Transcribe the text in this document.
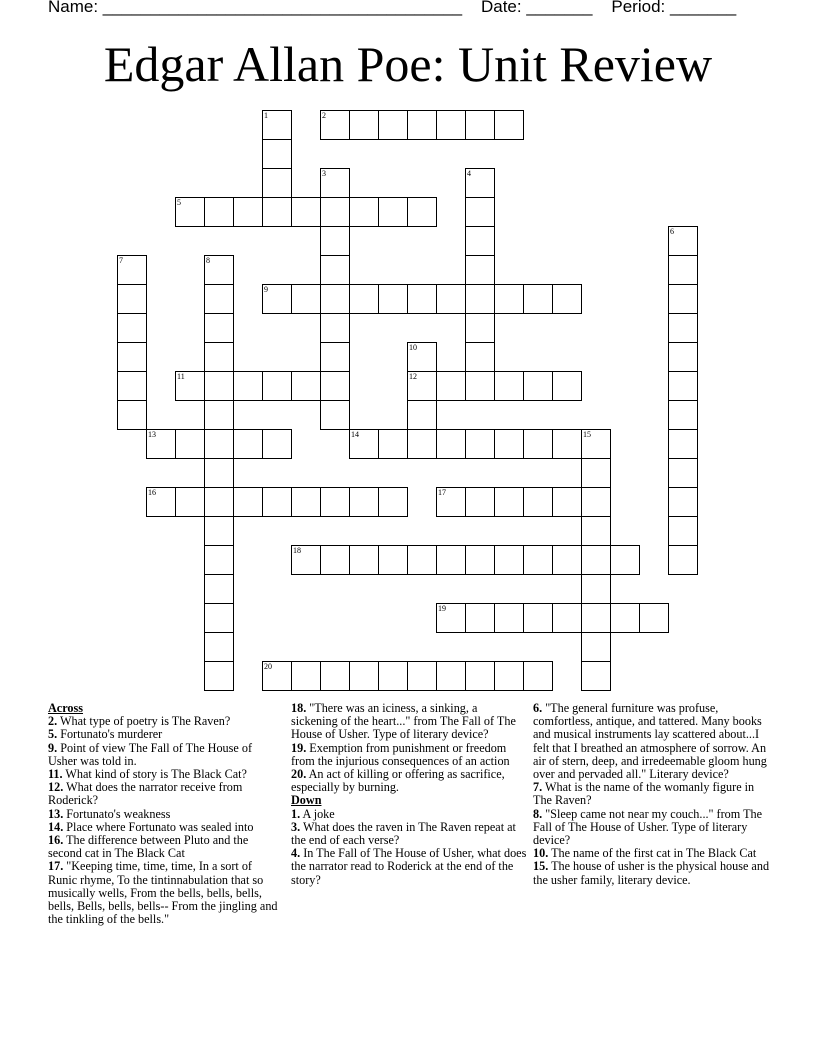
Name: ______________________________________    Date: _______    Period: _______

Edgar Allan Poe: Unit Review
2
5
9
11	12
13	14	15
16	17
18
19
20
1
3	4
6
7	8
10

Across

2. What type of poetry is The Raven?

5. Fortunato's murderer

9. Point of view The Fall of The House of Usher was told in.

11. What kind of story is The Black Cat?

12. What does the narrator receive from Roderick?

13. Fortunato's weakness

14. Place where Fortunato was sealed into

16. The difference between Pluto and the second cat in The Black Cat

17. "Keeping time, time, time, In a sort of Runic rhyme, To the tintinnabulation that so musically wells, From the bells, bells, bells, bells, Bells, bells, bells-- From the jingling and the tinkling of the bells."

18. "There was an iciness, a sinking, a sickening of the heart..." from The Fall of The House of Usher. Type of literary device?

19. Exemption from punishment or freedom from the injurious consequences of an action

20. An act of killing or offering as sacrifice, especially by burning.

Down

1. A joke

3. What does the raven in The Raven repeat at the end of each verse?

4. In The Fall of The House of Usher, what does the narrator read to Roderick at the end of the story?

6. "The general furniture was profuse, comfortless, antique, and tattered. Many books and musical instruments lay scattered about...I felt that I breathed an atmosphere of sorrow. An air of stern, deep, and irredeemable gloom hung over and pervaded all." Literary device?

7. What is the name of the womanly figure in The Raven?

8. "Sleep came not near my couch..." from The Fall of The House of Usher. Type of literary device?

10. The name of the first cat in The Black Cat

15. The house of usher is the physical house and the usher family, literary device.
